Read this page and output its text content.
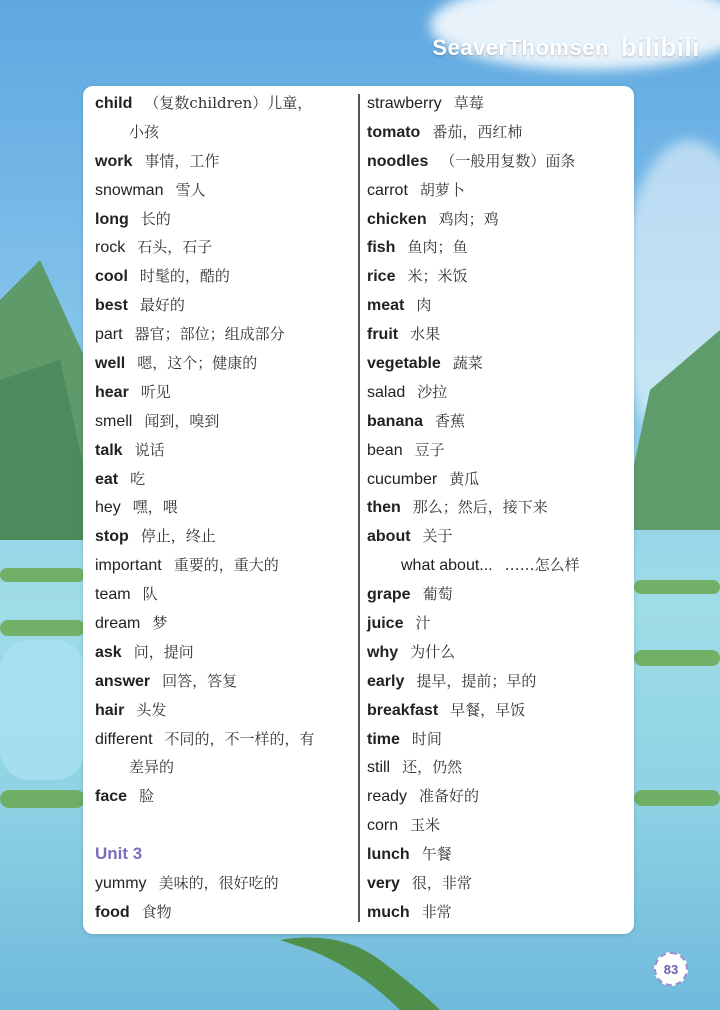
SeaverThomsen bilibili
child （复数children）儿童，
小孩
work 事情，工作
snowman 雪人
long 长的
rock 石头，石子
cool 时髦的，酷的
best 最好的
part 器官；部位；组成部分
well 嗯，这个；健康的
hear 听见
smell 闻到，嗅到
talk 说话
eat 吃
hey 嘿，喂
stop 停止，终止
important 重要的，重大的
team 队
dream 梦
ask 问，提问
answer 回答，答复
hair 头发
different 不同的，不一样的，有
差异的
face 脸
Unit 3
yummy 美味的，很好吃的
food 食物
strawberry 草莓
tomato 番茄，西红柿
noodles （一般用复数）面条
carrot 胡萝卜
chicken 鸡肉；鸡
fish 鱼肉；鱼
rice 米；米饭
meat 肉
fruit 水果
vegetable 蔬菜
salad 沙拉
banana 香蕉
bean 豆子
cucumber 黄瓜
then 那么；然后，接下来
about 关于
what about... ……怎么样
grape 葡萄
juice 汁
why 为什么
early 提早，提前；早的
breakfast 早餐，早饭
time 时间
still 还，仍然
ready 准备好的
corn 玉米
lunch 午餐
very 很，非常
much 非常
83
